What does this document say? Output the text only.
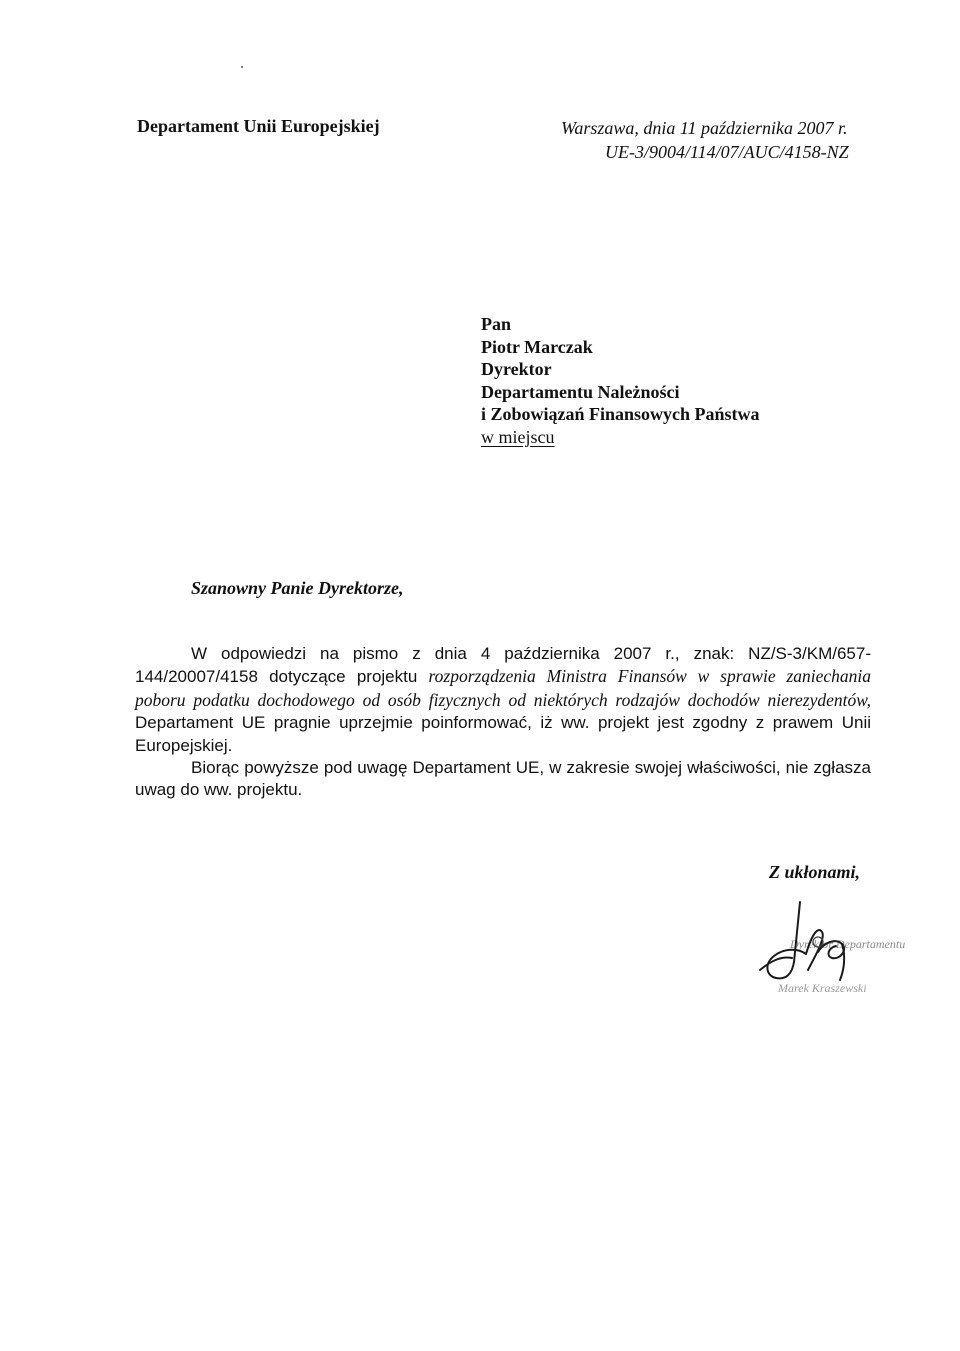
Departament Unii Europejskiej	Warszawa, dnia 11 października 2007 r.
UE-3/9004/114/07/AUC/4158-NZ
Pan
Piotr Marczak
Dyrektor
Departamentu Należności
i Zobowiązań Finansowych Państwa
w miejscu
Szanowny Panie Dyrektorze,

W odpowiedzi na pismo z dnia 4 października 2007 r., znak: NZ/S-3/KM/657-144/20007/4158 dotyczące projektu rozporządzenia Ministra Finansów w sprawie zaniechania poboru podatku dochodowego od osób fizycznych od niektórych rodzajów dochodów nierezydentów, Departament UE pragnie uprzejmie poinformować, iż ww. projekt jest zgodny z prawem Unii Europejskiej.

Biorąc powyższe pod uwagę Departament UE, w zakresie swojej właściwości, nie zgłasza uwag do ww. projektu.

Z ukłonami,
Dyrektor Departamentu
Marek Kraszewski
